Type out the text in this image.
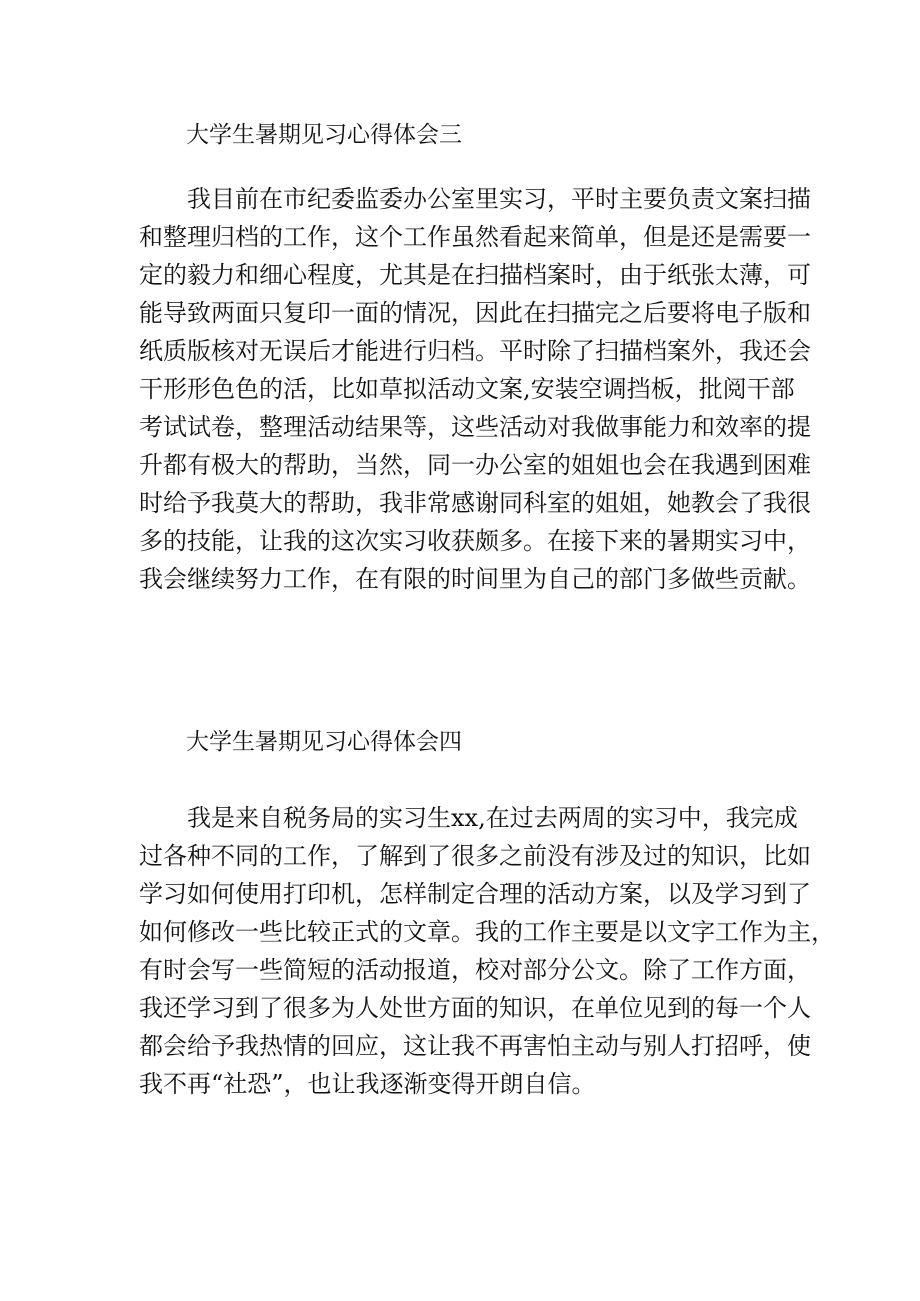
大学生暑期见习心得体会三
我目前在市纪委监委办公室里实习，平时主要负责文案扫描
和整理归档的工作，这个工作虽然看起来简单，但是还是需要一
定的毅力和细心程度，尤其是在扫描档案时，由于纸张太薄，可
能导致两面只复印一面的情况，因此在扫描完之后要将电子版和
纸质版核对无误后才能进行归档。平时除了扫描档案外，我还会
干形形色色的活，比如草拟活动文案,安装空调挡板，批阅干部
考试试卷，整理活动结果等，这些活动对我做事能力和效率的提
升都有极大的帮助，当然，同一办公室的姐姐也会在我遇到困难
时给予我莫大的帮助，我非常感谢同科室的姐姐，她教会了我很
多的技能，让我的这次实习收获颇多。在接下来的暑期实习中，
我会继续努力工作，在有限的时间里为自己的部门多做些贡献。
大学生暑期见习心得体会四
我是来自税务局的实习生xx,在过去两周的实习中，我完成
过各种不同的工作，了解到了很多之前没有涉及过的知识，比如
学习如何使用打印机，怎样制定合理的活动方案，以及学习到了
如何修改一些比较正式的文章。我的工作主要是以文字工作为主，
有时会写一些简短的活动报道，校对部分公文。除了工作方面，
我还学习到了很多为人处世方面的知识，在单位见到的每一个人
都会给予我热情的回应，这让我不再害怕主动与别人打招呼，使
我不再“社恐”，也让我逐渐变得开朗自信。
